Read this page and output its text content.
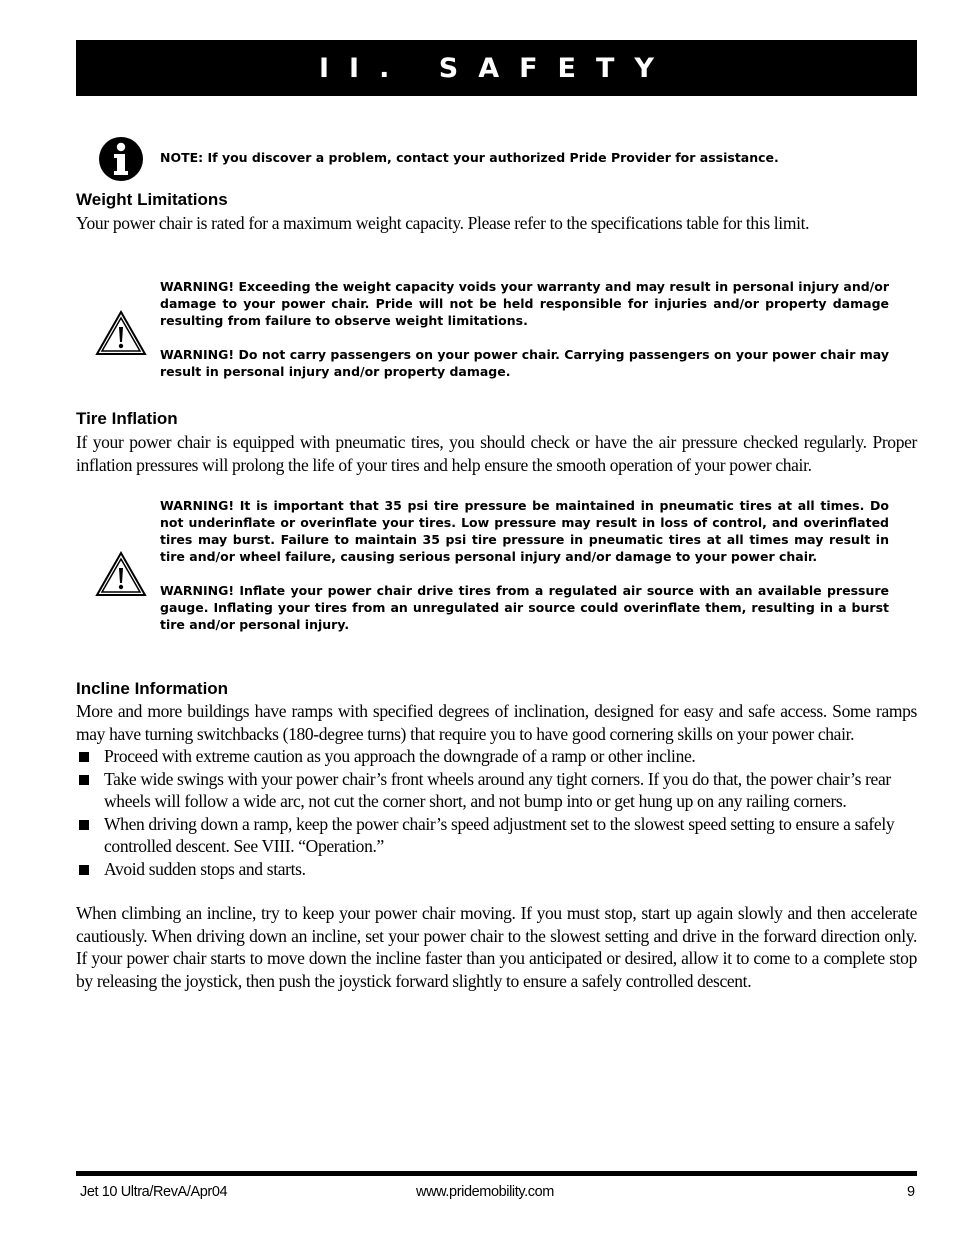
II. SAFETY
NOTE: If you discover a problem, contact your authorized Pride Provider for assistance.
Weight Limitations
Your power chair is rated for a maximum weight capacity. Please refer to the specifications table for this limit.

WARNING! Exceeding the weight capacity voids your warranty and may result in personal injury and/or damage to your power chair. Pride will not be held responsible for injuries and/or property damage resulting from failure to observe weight limitations.

WARNING! Do not carry passengers on your power chair. Carrying passengers on your power chair may result in personal injury and/or property damage.

Tire Inflation
If your power chair is equipped with pneumatic tires, you should check or have the air pressure checked regularly. Proper inflation pressures will prolong the life of your tires and help ensure the smooth operation of your power chair.

WARNING! It is important that 35 psi tire pressure be maintained in pneumatic tires at all times. Do not underinflate or overinflate your tires. Low pressure may result in loss of control, and overinflated tires may burst. Failure to maintain 35 psi tire pressure in pneumatic tires at all times may result in tire and/or wheel failure, causing serious personal injury and/or damage to your power chair.

WARNING! Inflate your power chair drive tires from a regulated air source with an available pressure gauge. Inflating your tires from an unregulated air source could overinflate them, resulting in a burst tire and/or personal injury.

Incline Information
More and more buildings have ramps with specified degrees of inclination, designed for easy and safe access. Some ramps may have turning switchbacks (180-degree turns) that require you to have good cornering skills on your power chair.
Proceed with extreme caution as you approach the downgrade of a ramp or other incline.
Take wide swings with your power chair’s front wheels around any tight corners. If you do that, the power chair’s rear wheels will follow a wide arc, not cut the corner short, and not bump into or get hung up on any railing corners.
When driving down a ramp, keep the power chair’s speed adjustment set to the slowest speed setting to ensure a safely controlled descent. See VIII. “Operation.”
Avoid sudden stops and starts.
When climbing an incline, try to keep your power chair moving. If you must stop, start up again slowly and then accelerate cautiously. When driving down an incline, set your power chair to the slowest setting and drive in the forward direction only. If your power chair starts to move down the incline faster than you anticipated or desired, allow it to come to a complete stop by releasing the joystick, then push the joystick forward slightly to ensure a safely controlled descent.
Jet 10 Ultra/RevA/Apr04	www.pridemobility.com	9
